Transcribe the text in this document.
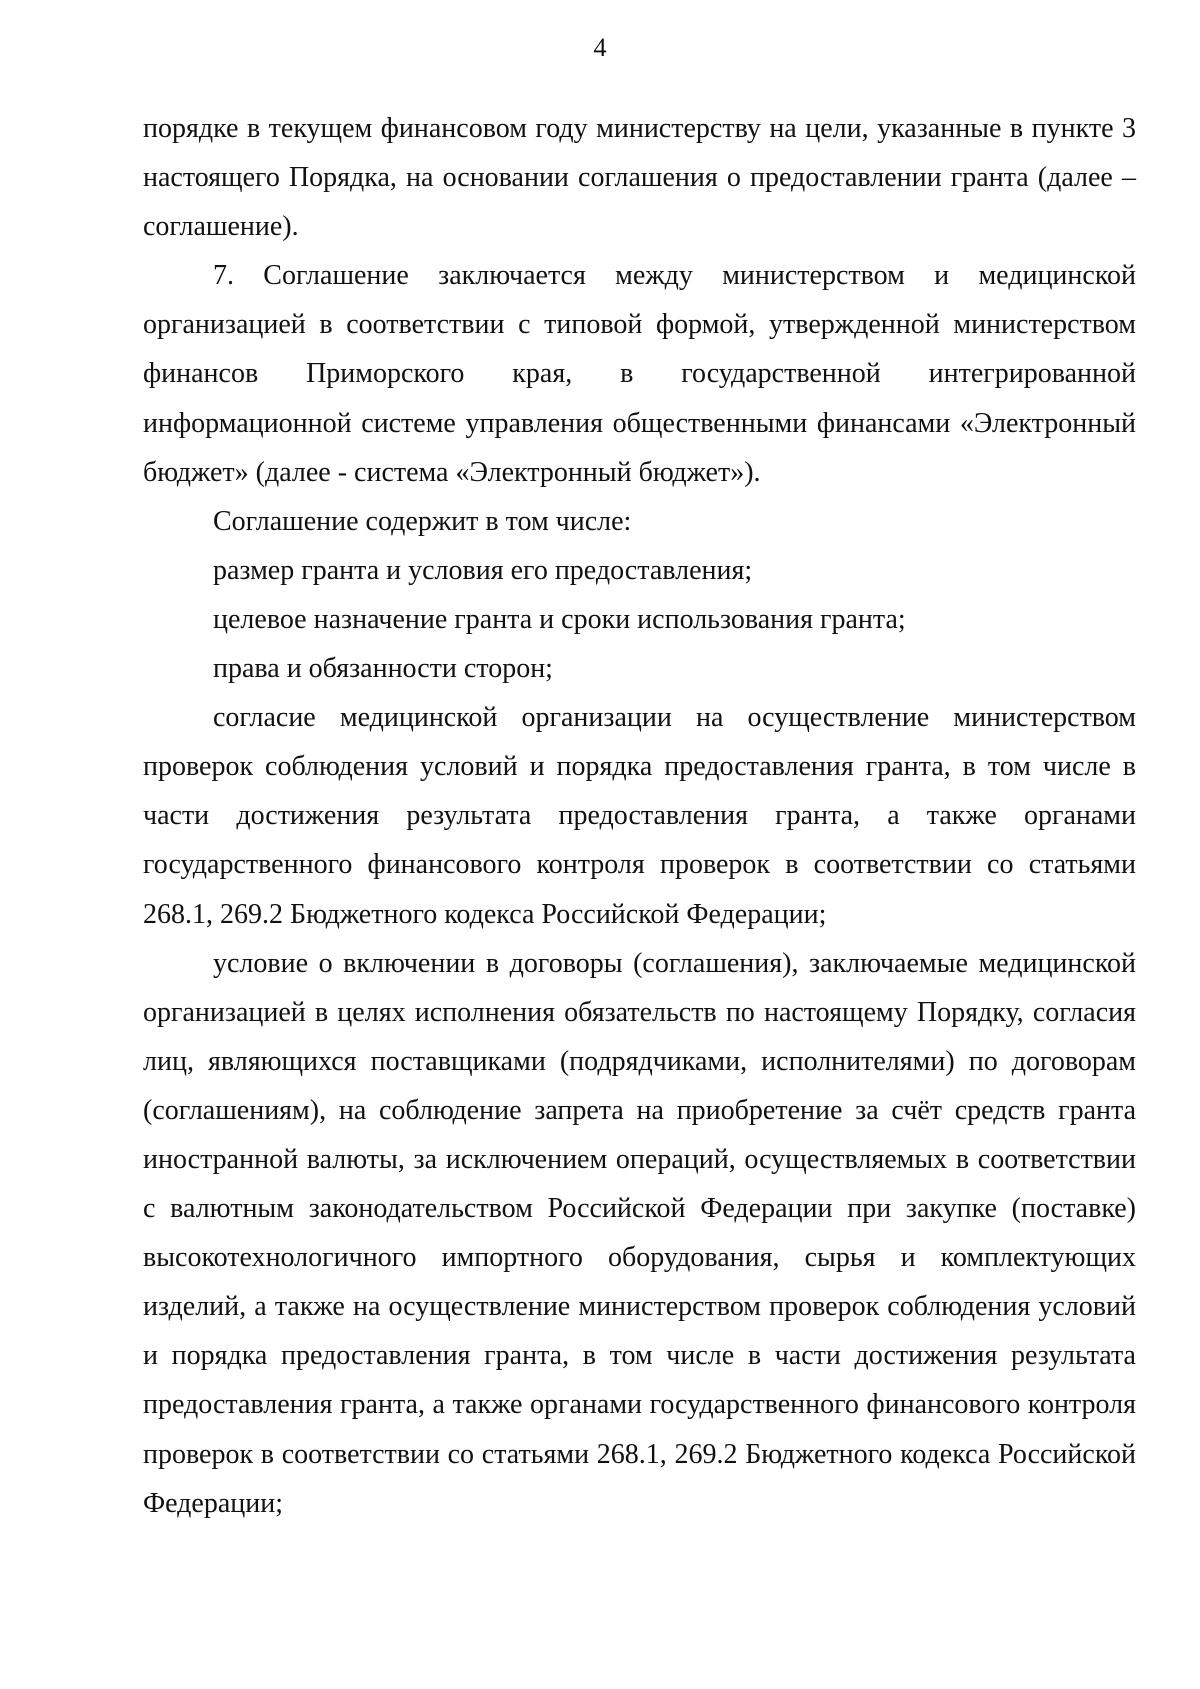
4

порядке в текущем финансовом году министерству на цели, указанные в пункте 3 настоящего Порядка, на основании соглашения о предоставлении гранта (далее – соглашение).

7. Соглашение заключается между министерством и медицинской организацией в соответствии с типовой формой, утвержденной министерством финансов Приморского края, в государственной интегрированной информационной системе управления общественными финансами «Электронный бюджет» (далее - система «Электронный бюджет»).

Соглашение содержит в том числе:

размер гранта и условия его предоставления;

целевое назначение гранта и сроки использования гранта;

права и обязанности сторон;

согласие медицинской организации на осуществление министерством проверок соблюдения условий и порядка предоставления гранта, в том числе в части достижения результата предоставления гранта, а также органами государственного финансового контроля проверок в соответствии со статьями 268.1, 269.2 Бюджетного кодекса Российской Федерации;

условие о включении в договоры (соглашения), заключаемые медицинской организацией в целях исполнения обязательств по настоящему Порядку, согласия лиц, являющихся поставщиками (подрядчиками, исполнителями) по договорам (соглашениям), на соблюдение запрета на приобретение за счёт средств гранта иностранной валюты, за исключением операций, осуществляемых в соответствии с валютным законодательством Российской Федерации при закупке (поставке) высокотехнологичного импортного оборудования, сырья и комплектующих изделий, а также на осуществление министерством проверок соблюдения условий и порядка предоставления гранта, в том числе в части достижения результата предоставления гранта, а также органами государственного финансового контроля проверок в соответствии со статьями 268.1, 269.2 Бюджетного кодекса Российской Федерации;
